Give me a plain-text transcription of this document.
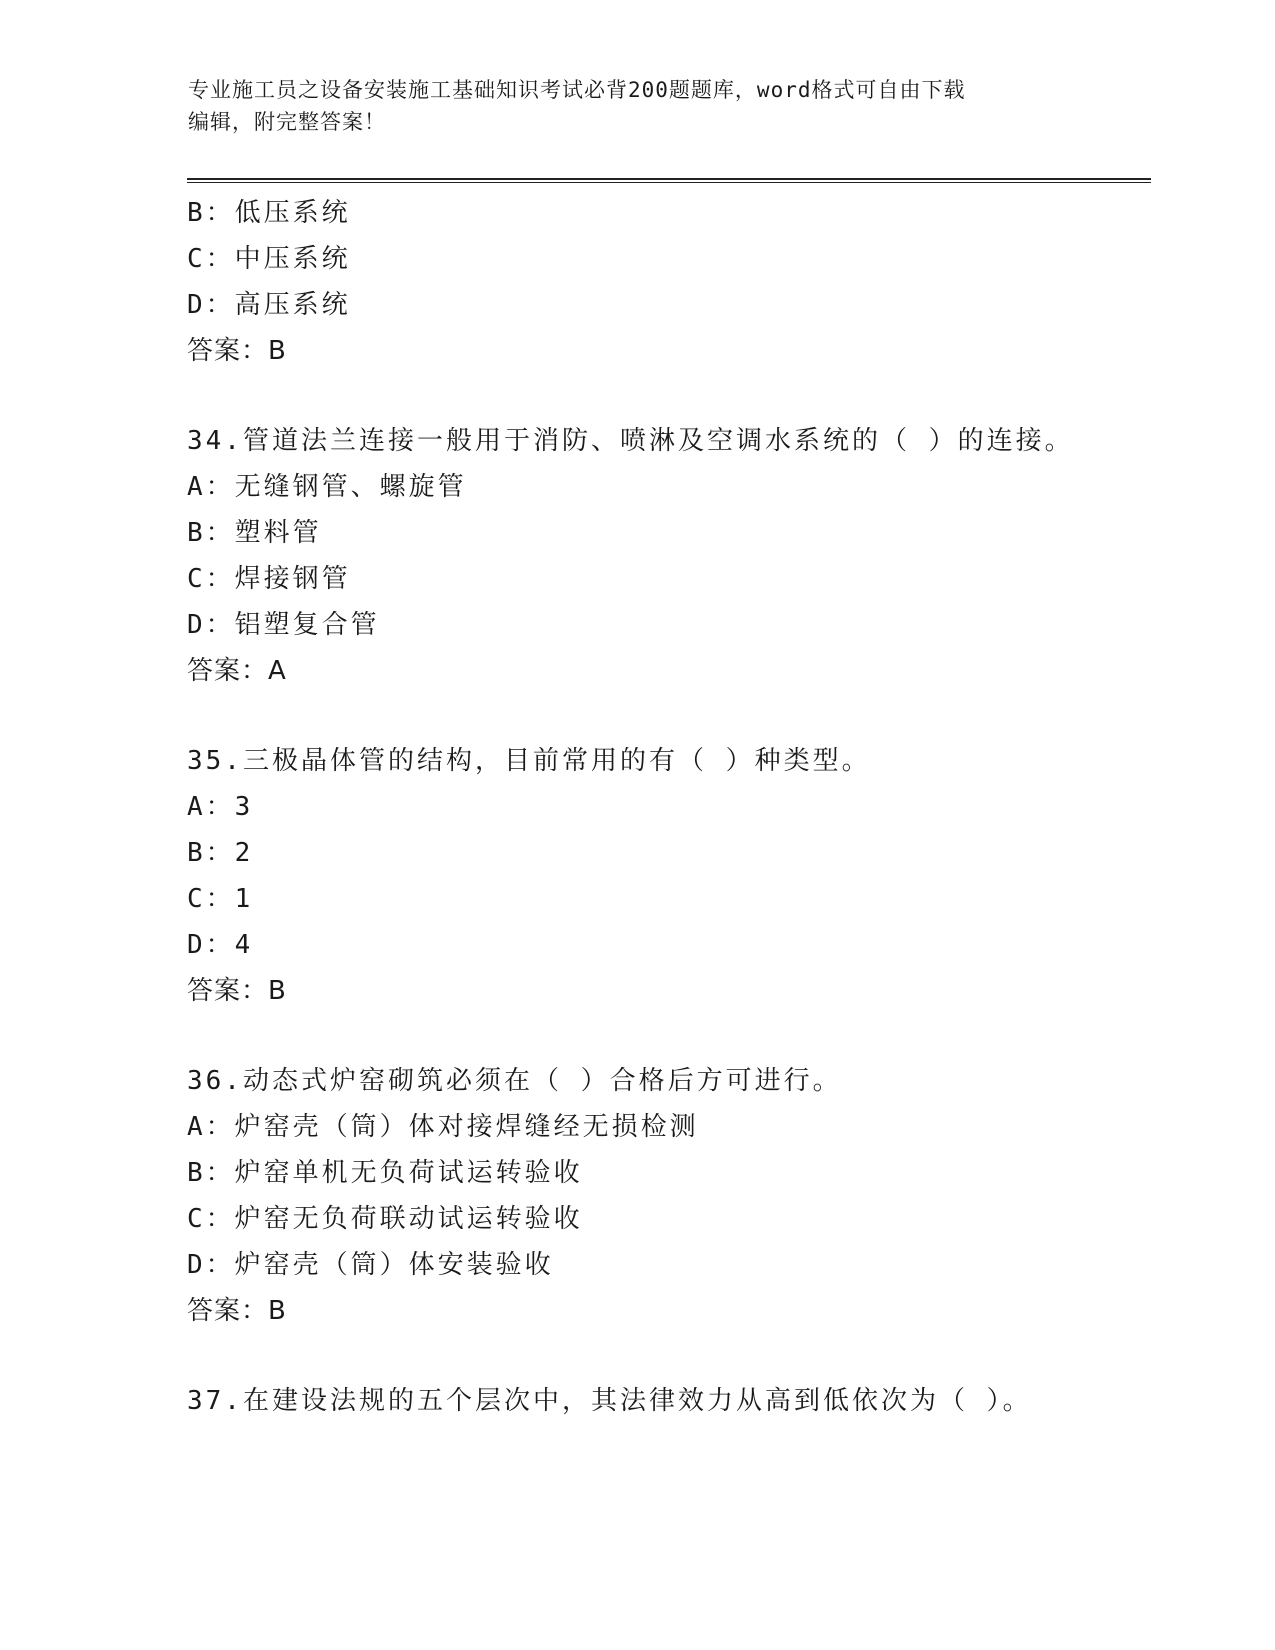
专业施工员之设备安装施工基础知识考试必背200题题库，word格式可自由下载
编辑，附完整答案！
B：低压系统
C：中压系统
D：高压系统
答案：B
34.管道法兰连接一般用于消防、喷淋及空调水系统的（ ）的连接。
A：无缝钢管、螺旋管
B：塑料管
C：焊接钢管
D：铝塑复合管
答案：A
35.三极晶体管的结构，目前常用的有（ ）种类型。
A：3
B：2
C：1
D：4
答案：B
36.动态式炉窑砌筑必须在（ ）合格后方可进行。
A：炉窑壳（筒）体对接焊缝经无损检测
B：炉窑单机无负荷试运转验收
C：炉窑无负荷联动试运转验收
D：炉窑壳（筒）体安装验收
答案：B
37.在建设法规的五个层次中，其法律效力从高到低依次为（ ）。
